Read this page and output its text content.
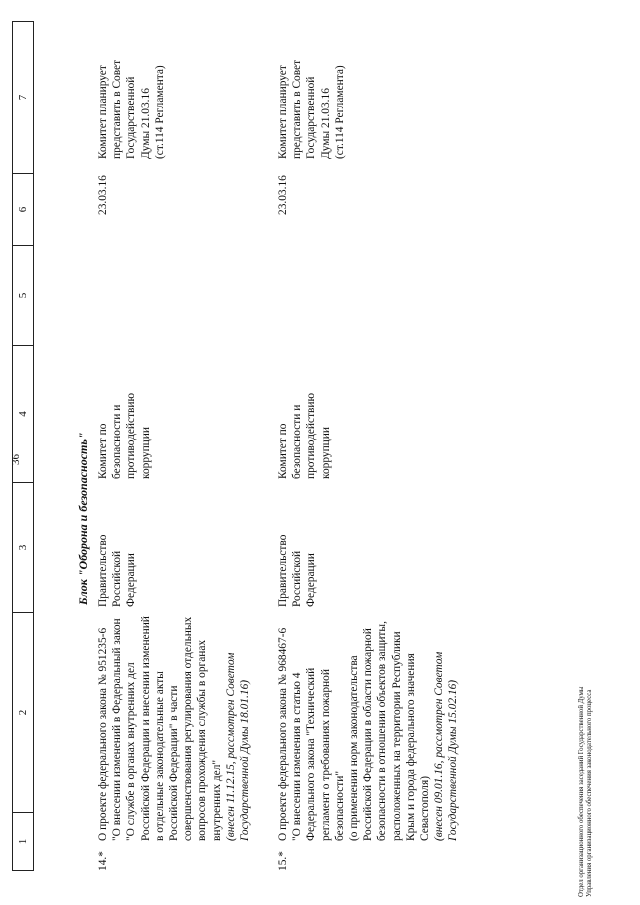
36
1
2
3
4
5
6
7
Блок "Оборона и безопасность"
14.*
О проекте федерального закона № 951235-6 "О внесении изменений в Федеральный закон "О службе в органах внутренних дел Российской Федерации и внесении изменений в отдельные законодательные акты Российской Федерации" в части совершенствования регулирования отдельных вопросов прохождения службы в органах внутренних дел" (внесен 11.12.15, рассмотрен Советом Государственной Думы 18.01.16)
Правительство Российской Федерации
Комитет по безопасности и противодействию коррупции
23.03.16
Комитет планирует представить в Совет Государственной Думы 21.03.16 (ст.114 Регламента)
15.*
О проекте федерального закона № 968467-6 "О внесении изменения в статью 4 Федерального закона "Технический регламент о требованиях пожарной безопасности" (о применении норм законодательства Российской Федерации в области пожарной безопасности в отношении объектов защиты, расположенных на территории Республики Крым и города федерального значения Севастополя) (внесен 09.01.16, рассмотрен Советом Государственной Думы 15.02.16)
Правительство Российской Федерации
Комитет по безопасности и противодействию коррупции
23.03.16
Комитет планирует представить в Совет Государственной Думы 21.03.16 (ст.114 Регламента)
Отдел организационного обеспечения заседаний Государственной Думы Управления организационного обеспечения законодательного процесса
